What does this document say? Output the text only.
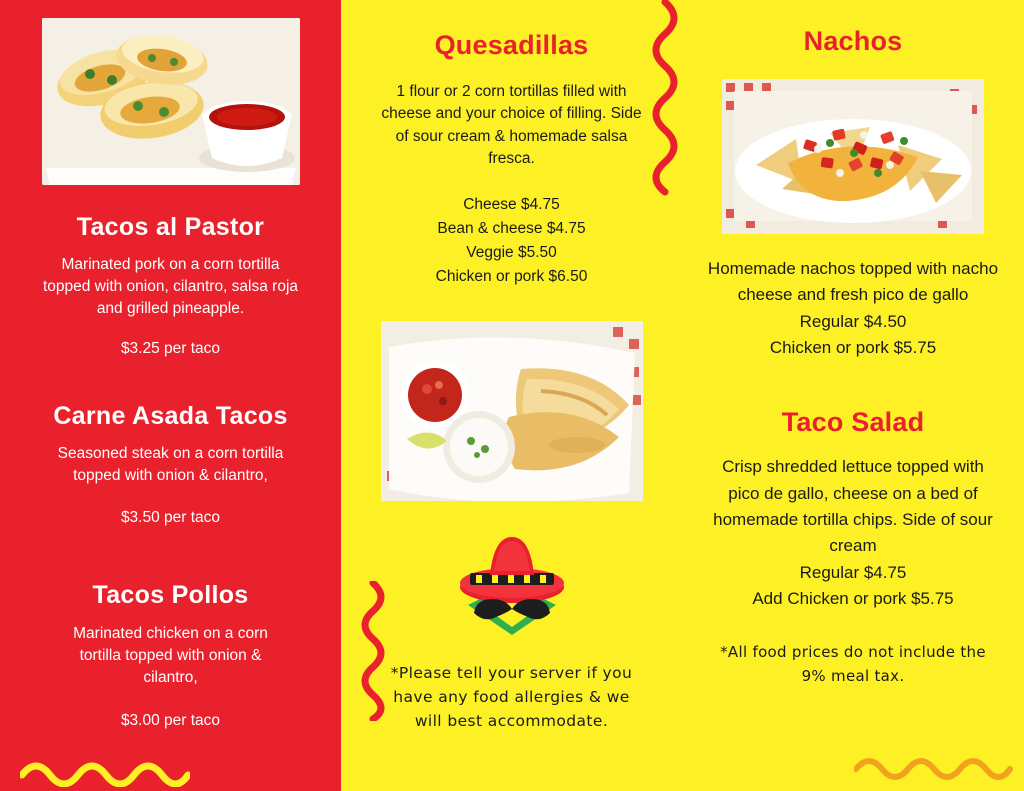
Tacos al Pastor
Marinated pork on a corn tortilla topped with onion, cilantro, salsa roja and grilled pineapple.
$3.25 per taco
Carne Asada Tacos
Seasoned steak on a corn tortilla topped with onion & cilantro,
$3.50 per taco
Tacos Pollos
Marinated chicken on a corn tortilla topped with onion & cilantro,
$3.00 per taco
Quesadillas
1 flour or 2 corn tortillas filled with cheese and your choice of filling. Side of sour cream & homemade salsa fresca.
Cheese $4.75
Bean & cheese $4.75
Veggie $5.50
Chicken or pork $6.50
*Please tell your server if you have any food allergies & we will best accommodate.
Nachos
Homemade nachos topped with nacho cheese and fresh pico de gallo
Regular $4.50
Chicken or pork $5.75
Taco Salad
Crisp shredded lettuce topped with pico de gallo, cheese on a bed of homemade tortilla chips. Side of sour cream
Regular $4.75
Add Chicken or pork $5.75
*All food prices do not include the 9% meal tax.
